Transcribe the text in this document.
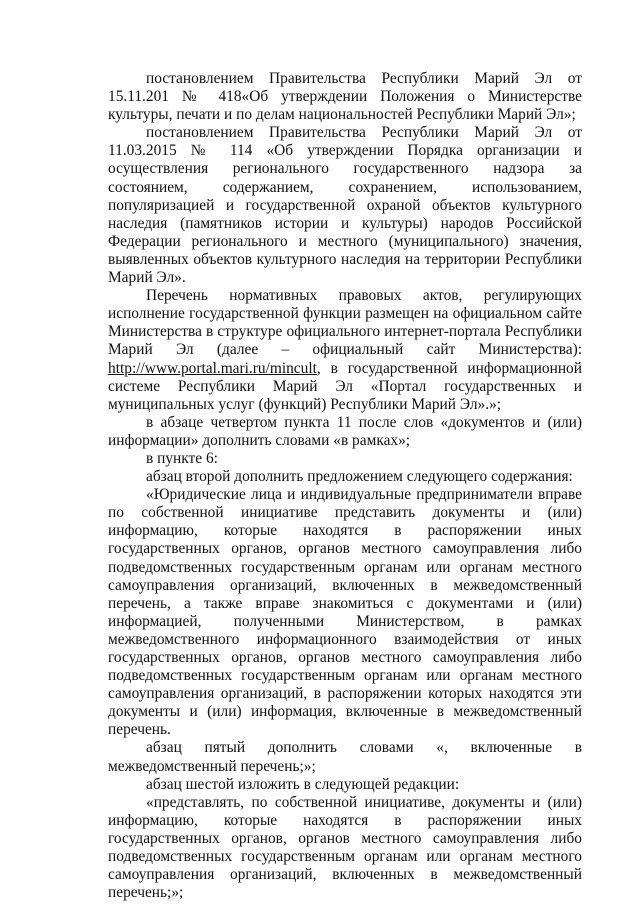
постановлением Правительства Республики Марий Эл от 15.11.201 № 418«Об утверждении Положения о Министерстве культуры, печати и по делам национальностей Республики Марий Эл»;

постановлением Правительства Республики Марий Эл от 11.03.2015 № 114 «Об утверждении Порядка организации и осуществления регионального государственного надзора за состоянием, содержанием, сохранением, использованием, популяризацией и государственной охраной объектов культурного наследия (памятников истории и культуры) народов Российской Федерации регионального и местного (муниципального) значения, выявленных объектов культурного наследия на территории Республики Марий Эл».

Перечень нормативных правовых актов, регулирующих исполнение государственной функции размещен на официальном сайте Министерства в структуре официального интернет-портала Республики Марий Эл (далее – официальный сайт Министерства): http://www.portal.mari.ru/minсult, в государственной информационной системе Республики Марий Эл «Портал государственных и муниципальных услуг (функций) Республики Марий Эл».»;

в абзаце четвертом пункта 11 после слов «документов и (или) информации» дополнить словами «в рамках»;

в пункте 6:

абзац второй дополнить предложением следующего содержания:

«Юридические лица и индивидуальные предприниматели вправе по собственной инициативе представить документы и (или) информацию, которые находятся в распоряжении иных государственных органов, органов местного самоуправления либо подведомственных государственным органам или органам местного самоуправления организаций, включенных в межведомственный перечень, а также вправе знакомиться с документами и (или) информацией, полученными Министерством, в рамках межведомственного информационного взаимодействия от иных государственных органов, органов местного самоуправления либо подведомственных государственным органам или органам местного самоуправления организаций, в распоряжении которых находятся эти документы и (или) информация, включенные в межведомственный перечень.

абзац пятый дополнить словами «, включенные в межведомственный перечень;»;

абзац шестой изложить в следующей редакции:

«представлять, по собственной инициативе, документы и (или) информацию, которые находятся в распоряжении иных государственных органов, органов местного самоуправления либо подведомственных государственным органам или органам местного самоуправления организаций, включенных в межведомственный перечень;»;
